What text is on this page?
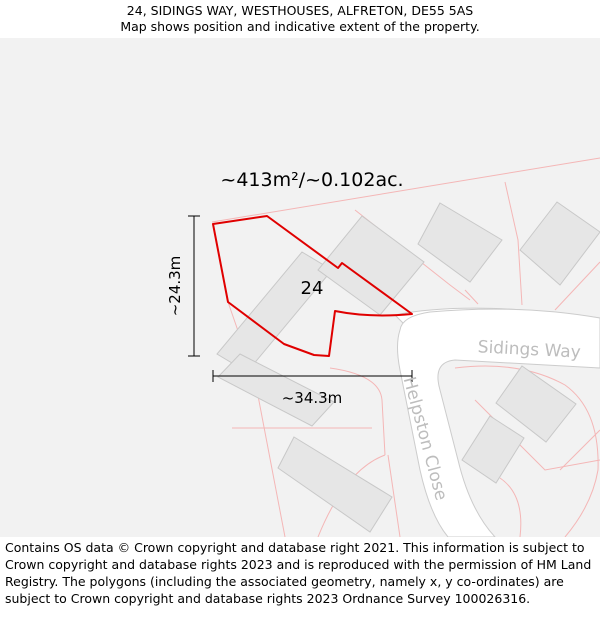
24, SIDINGS WAY, WESTHOUSES, ALFRETON, DE55 5AS
Map shows position and indicative extent of the property.
~413m²/~0.102ac.
24
~24.3m
~34.3m
Sidings Way
Helpston Close
Contains OS data © Crown copyright and database right 2021. This information is subject to Crown copyright and database rights 2023 and is reproduced with the permission of HM Land Registry. The polygons (including the associated geometry, namely x, y co-ordinates) are subject to Crown copyright and database rights 2023 Ordnance Survey 100026316.
